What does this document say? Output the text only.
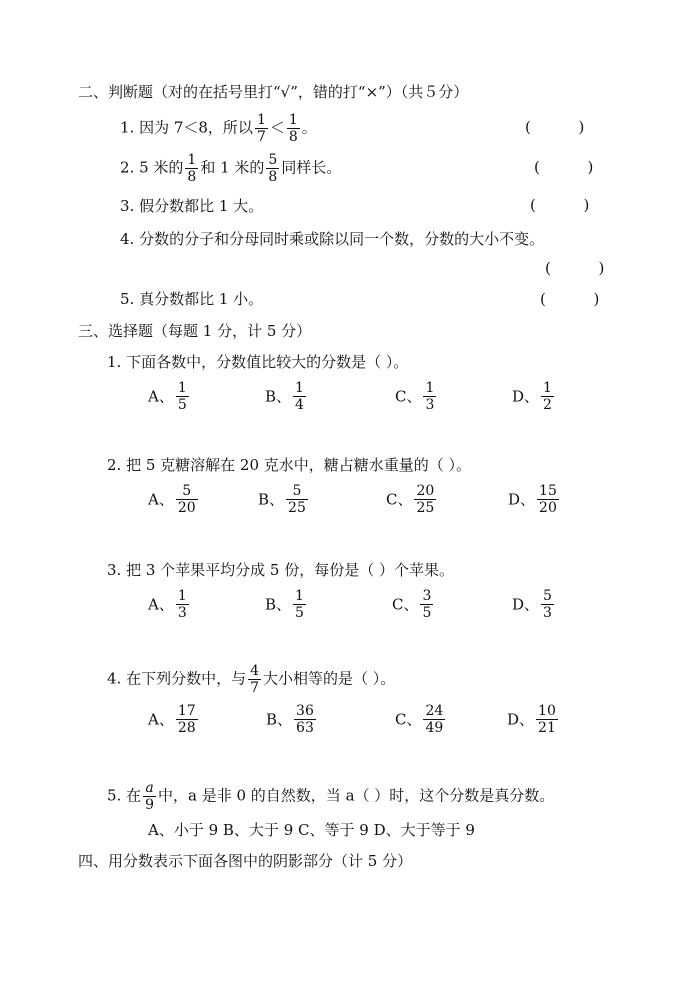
二、判断题（对的在括号里打“√”，错的打“×”）（共５分）
1. 因为 7＜8，所以 $\frac{1}{7} < \frac{1}{8}$ 。	(          )
2. 5 米的 $\frac{1}{8}$ 和 1 米的 $\frac{5}{8}$ 同样长。	(          )
3. 假分数都比 1 大。	(          )
4. 分数的分子和分母同时乘或除以同一个数，分数的大小不变。
(          )
5. 真分数都比 1 小。	(          )
三、选择题（每题 1 分，计 5 分）
1. 下面各数中，分数值比较大的分数是（ ）。
A、 $\frac{1}{5}$	B、 $\frac{1}{4}$	C、 $\frac{1}{3}$	D、 $\frac{1}{2}$
2. 把 5 克糖溶解在 20 克水中，糖占糖水重量的（ ）。
A、 $\frac{5}{20}$	B、 $\frac{5}{25}$	C、 $\frac{20}{25}$	D、 $\frac{15}{20}$
3. 把 3 个苹果平均分成 5 份，每份是（ ）个苹果。
A、 $\frac{1}{3}$	B、 $\frac{1}{5}$	C、 $\frac{3}{5}$	D、 $\frac{5}{3}$
4. 在下列分数中，与 $\frac{4}{7}$ 大小相等的是（ ）。
A、 $\frac{17}{28}$	B、 $\frac{36}{63}$	C、 $\frac{24}{49}$	D、 $\frac{10}{21}$
5. 在 $\frac{a}{9}$ 中，a 是非 0 的自然数，当 a（ ）时，这个分数是真分数。
A、小于 9 B、大于 9 C、等于 9 D、大于等于 9
四、用分数表示下面各图中的阴影部分（计 5 分）
